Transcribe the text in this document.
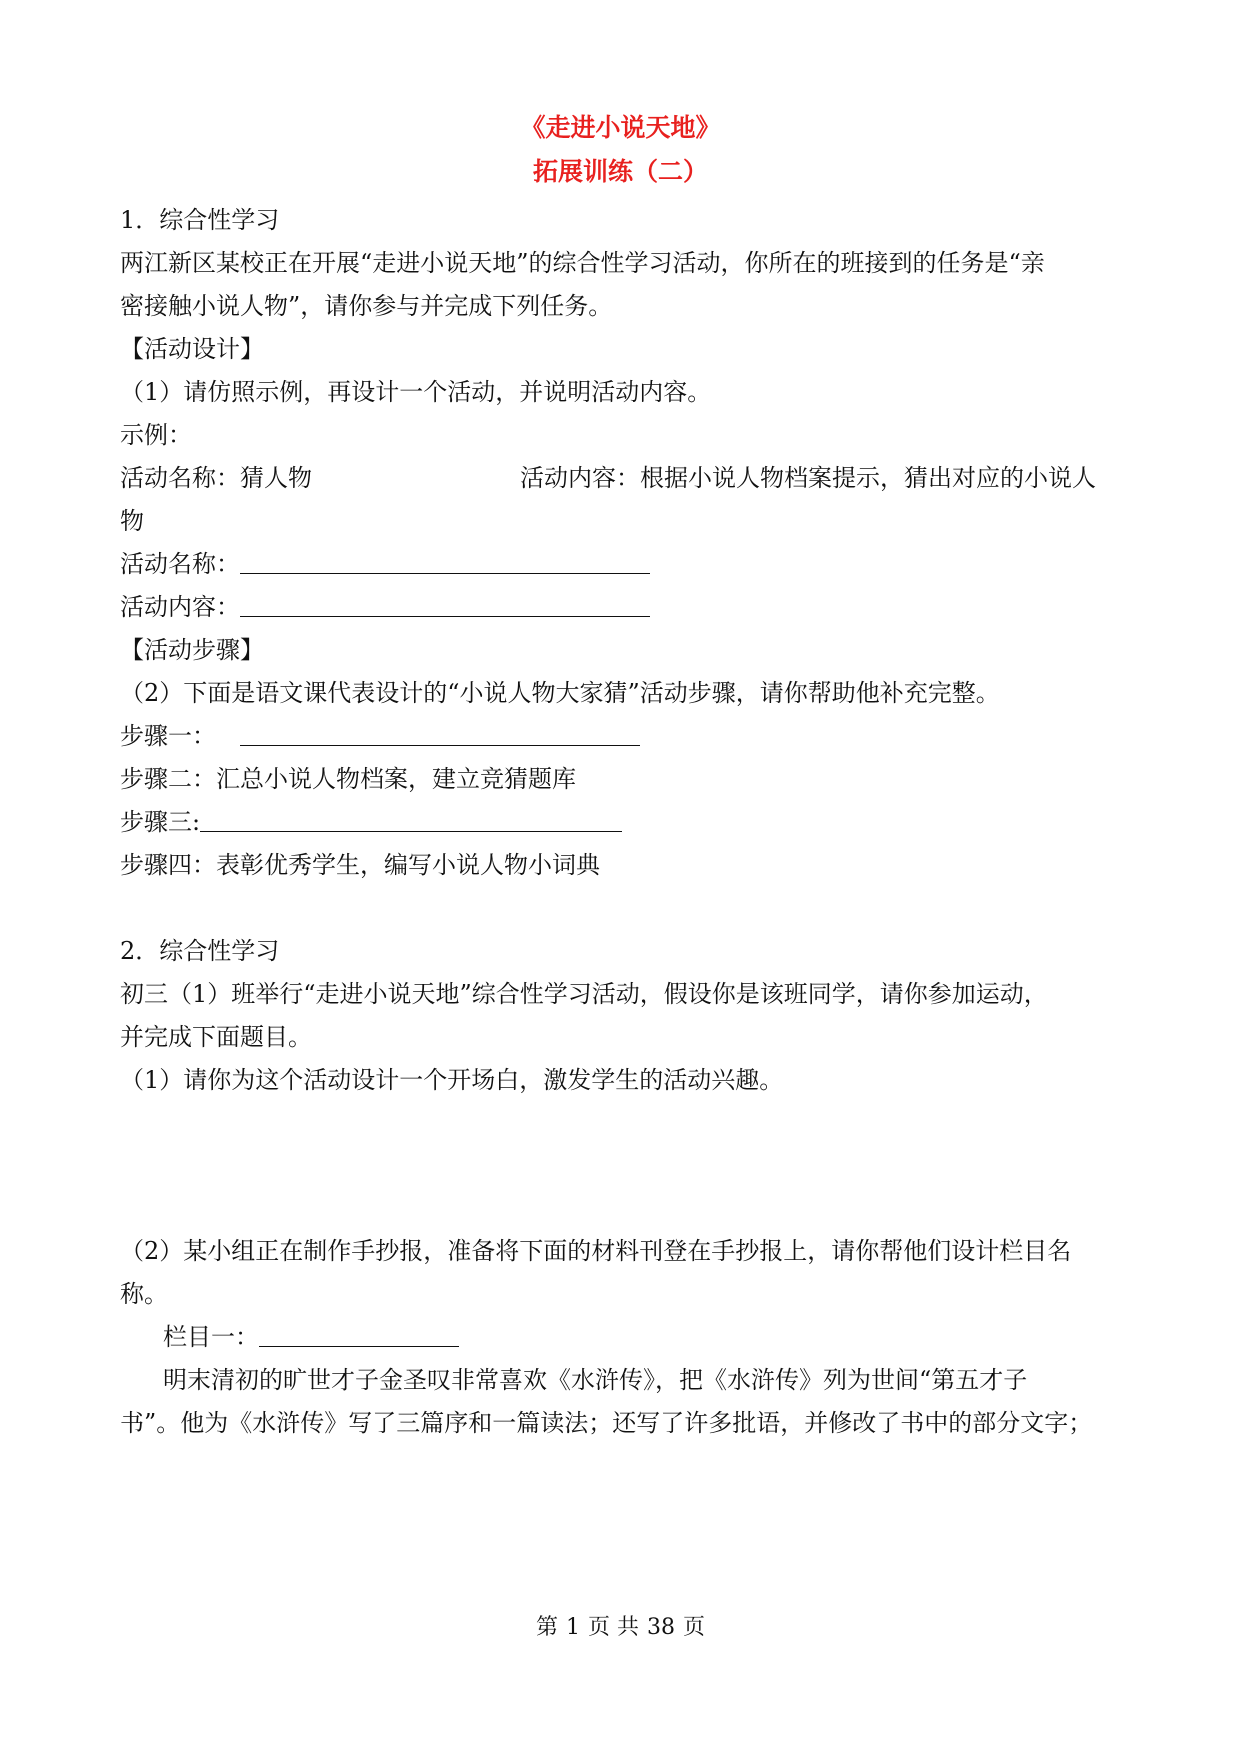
《走进小说天地》
拓展训练（二）
1．综合性学习
两江新区某校正在开展“走进小说天地”的综合性学习活动，你所在的班接到的任务是“亲
密接触小说人物”，请你参与并完成下列任务。
【活动设计】
（1）请仿照示例，再设计一个活动，并说明活动内容。
示例：
活动名称：猜人物	活动内容：根据小说人物档案提示，猜出对应的小说人
物
活动名称：
活动内容：
【活动步骤】
（2）下面是语文课代表设计的“小说人物大家猜”活动步骤，请你帮助他补充完整。
步骤一：
步骤二：汇总小说人物档案，建立竞猜题库
步骤三:
步骤四：表彰优秀学生，编写小说人物小词典
2．综合性学习
初三（1）班举行“走进小说天地”综合性学习活动，假设你是该班同学，请你参加运动，
并完成下面题目。
（1）请你为这个活动设计一个开场白，激发学生的活动兴趣。
（2）某小组正在制作手抄报，准备将下面的材料刊登在手抄报上，请你帮他们设计栏目名
称。
栏目一：
明末清初的旷世才子金圣叹非常喜欢《水浒传》，把《水浒传》列为世间“第五才子
书”。他为《水浒传》写了三篇序和一篇读法；还写了许多批语，并修改了书中的部分文字；
第 1 页 共 38 页
